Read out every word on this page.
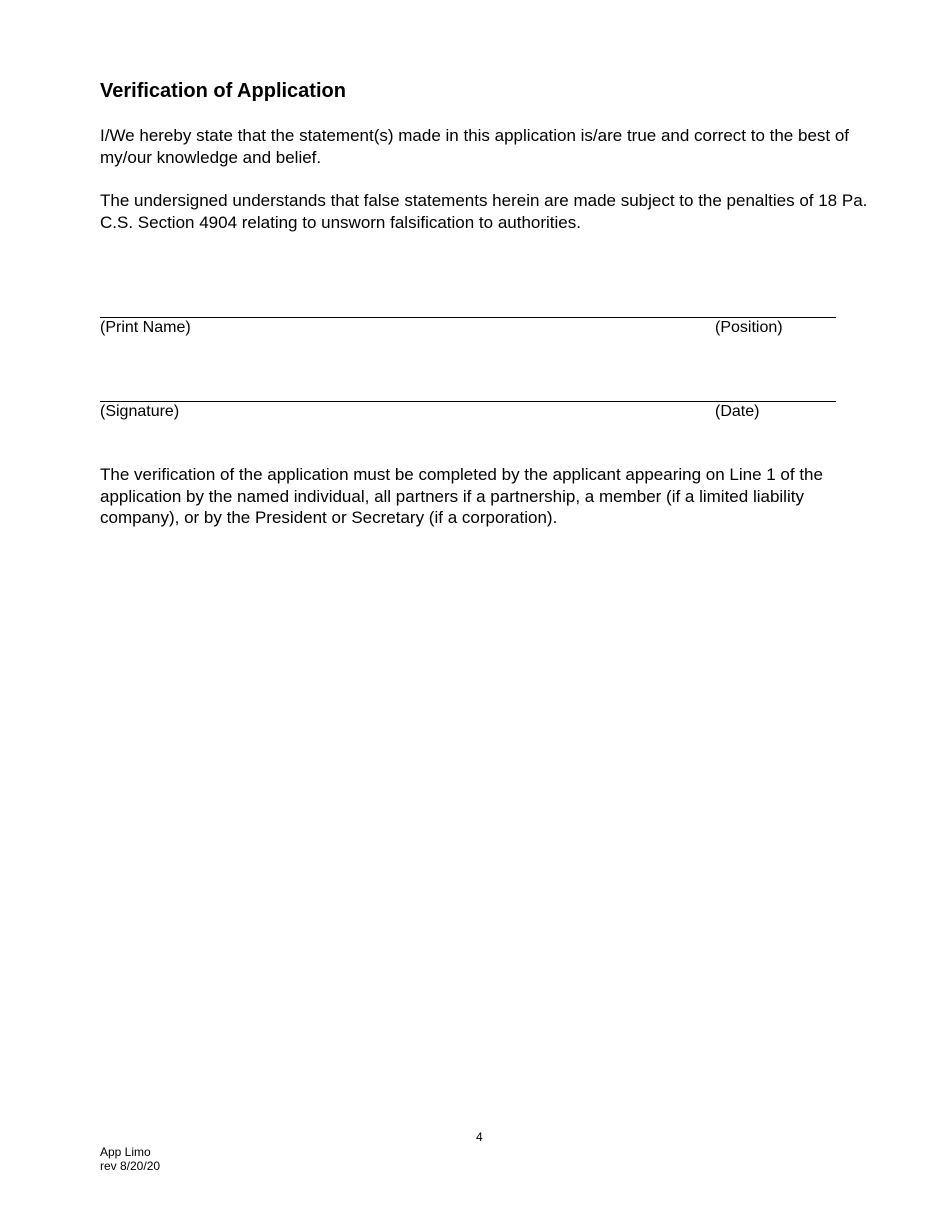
Verification of Application

I/We hereby state that the statement(s) made in this application is/are true and correct to the best of my/our knowledge and belief.

The undersigned understands that false statements herein are made subject to the penalties of 18 Pa. C.S. Section 4904 relating to unsworn falsification to authorities.

(Print Name)	(Position)
(Signature)	(Date)

The verification of the application must be completed by the applicant appearing on Line 1 of the application by the named individual, all partners if a partnership, a member (if a limited liability company), or by the President or Secretary (if a corporation).

4
App Limo
rev 8/20/20
